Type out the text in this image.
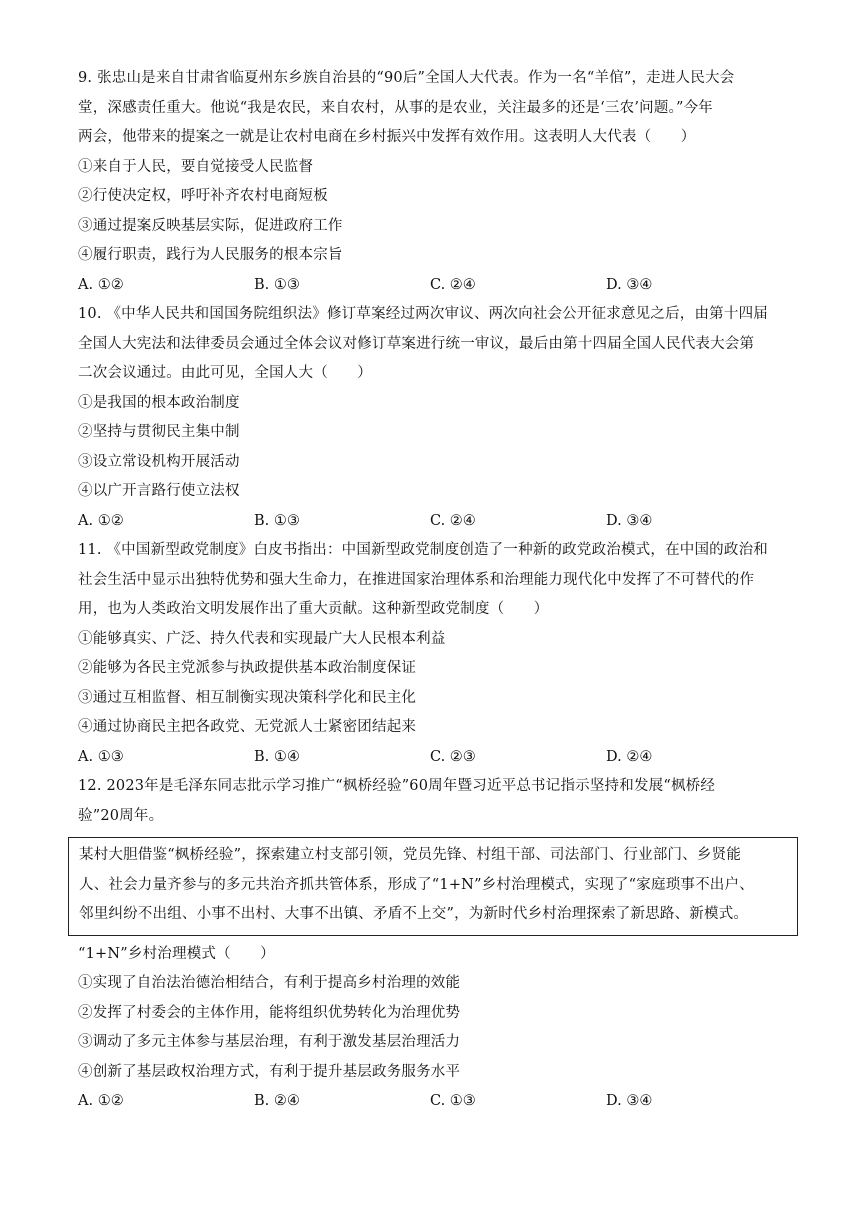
9. 张忠山是来自甘肃省临夏州东乡族自治县的“90后”全国人大代表。作为一名“羊倌”，走进人民大会
堂，深感责任重大。他说“我是农民，来自农村，从事的是农业，关注最多的还是‘三农’问题。”今年
两会，他带来的提案之一就是让农村电商在乡村振兴中发挥有效作用。这表明人大代表（　　）
①来自于人民，要自觉接受人民监督
②行使决定权，呼吁补齐农村电商短板
③通过提案反映基层实际，促进政府工作
④履行职责，践行为人民服务的根本宗旨
A. ①②	B. ①③	C. ②④	D. ③④
10. 《中华人民共和国国务院组织法》修订草案经过两次审议、两次向社会公开征求意见之后，由第十四届
全国人大宪法和法律委员会通过全体会议对修订草案进行统一审议，最后由第十四届全国人民代表大会第
二次会议通过。由此可见，全国人大（　　）
①是我国的根本政治制度
②坚持与贯彻民主集中制
③设立常设机构开展活动
④以广开言路行使立法权
A. ①②	B. ①③	C. ②④	D. ③④
11. 《中国新型政党制度》白皮书指出：中国新型政党制度创造了一种新的政党政治模式，在中国的政治和
社会生活中显示出独特优势和强大生命力，在推进国家治理体系和治理能力现代化中发挥了不可替代的作
用，也为人类政治文明发展作出了重大贡献。这种新型政党制度（　　）
①能够真实、广泛、持久代表和实现最广大人民根本利益
②能够为各民主党派参与执政提供基本政治制度保证
③通过互相监督、相互制衡实现决策科学化和民主化
④通过协商民主把各政党、无党派人士紧密团结起来
A. ①③	B. ①④	C. ②③	D. ②④
12. 2023年是毛泽东同志批示学习推广“枫桥经验”60周年暨习近平总书记指示坚持和发展“枫桥经
验”20周年。
某村大胆借鉴“枫桥经验”，探索建立村支部引领，党员先锋、村组干部、司法部门、行业部门、乡贤能
人、社会力量齐参与的多元共治齐抓共管体系，形成了“1+N”乡村治理模式，实现了“家庭琐事不出户、
邻里纠纷不出组、小事不出村、大事不出镇、矛盾不上交”，为新时代乡村治理探索了新思路、新模式。
“1+N”乡村治理模式（　　）
①实现了自治法治德治相结合，有利于提高乡村治理的效能
②发挥了村委会的主体作用，能将组织优势转化为治理优势
③调动了多元主体参与基层治理，有利于激发基层治理活力
④创新了基层政权治理方式，有利于提升基层政务服务水平
A. ①②	B. ②④	C. ①③	D. ③④
